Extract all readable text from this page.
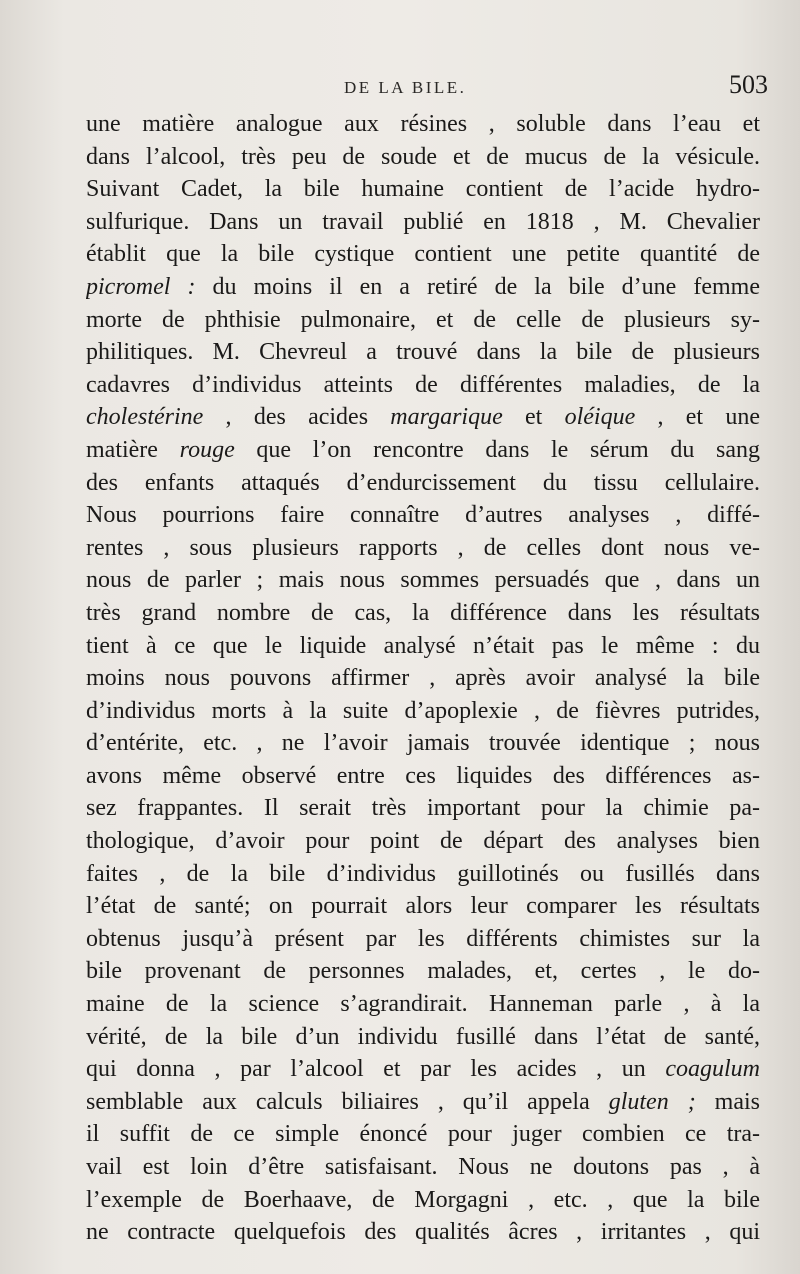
DE LA BILE.	503
une matière analogue aux résines , soluble dans l’eau et
dans l’alcool, très peu de soude et de mucus de la vésicule.
Suivant Cadet, la bile humaine contient de l’acide hydro-
sulfurique. Dans un travail publié en 1818 , M. Chevalier
établit que la bile cystique contient une petite quantité de
picromel : du moins il en a retiré de la bile d’une femme
morte de phthisie pulmonaire, et de celle de plusieurs sy-
philitiques. M. Chevreul a trouvé dans la bile de plusieurs
cadavres d’individus atteints de différentes maladies, de la
cholestérine , des acides margarique et oléique , et une
matière rouge que l’on rencontre dans le sérum du sang
des enfants attaqués d’endurcissement du tissu cellulaire.
Nous pourrions faire connaître d’autres analyses , diffé-
rentes , sous plusieurs rapports , de celles dont nous ve-
nous de parler ; mais nous sommes persuadés que , dans un
très grand nombre de cas, la différence dans les résultats
tient à ce que le liquide analysé n’était pas le même : du
moins nous pouvons affirmer , après avoir analysé la bile
d’individus morts à la suite d’apoplexie , de fièvres putrides,
d’entérite, etc. , ne l’avoir jamais trouvée identique ; nous
avons même observé entre ces liquides des différences as-
sez frappantes. Il serait très important pour la chimie pa-
thologique, d’avoir pour point de départ des analyses bien
faites , de la bile d’individus guillotinés ou fusillés dans
l’état de santé; on pourrait alors leur comparer les résultats
obtenus jusqu’à présent par les différents chimistes sur la
bile provenant de personnes malades, et, certes , le do-
maine de la science s’agrandirait. Hanneman parle , à la
vérité, de la bile d’un individu fusillé dans l’état de santé,
qui donna , par l’alcool et par les acides , un coagulum
semblable aux calculs biliaires , qu’il appela gluten ; mais
il suffit de ce simple énoncé pour juger combien ce tra-
vail est loin d’être satisfaisant. Nous ne doutons pas , à
l’exemple de Boerhaave, de Morgagni , etc. , que la bile
ne contracte quelquefois des qualités âcres , irritantes , qui
